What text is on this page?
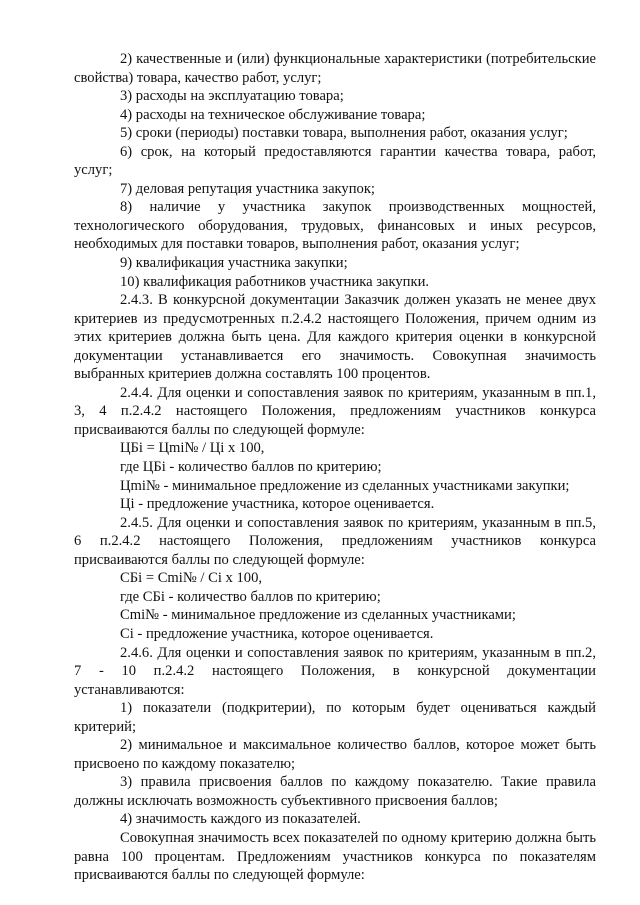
2) качественные и (или) функциональные характеристики (потребительские свойства) товара, качество работ, услуг;

3) расходы на эксплуатацию товара;

4) расходы на техническое обслуживание товара;

5) сроки (периоды) поставки товара, выполнения работ, оказания услуг;

6) срок, на который предоставляются гарантии качества товара, работ, услуг;

7) деловая репутация участника закупок;

8) наличие у участника закупок производственных мощностей, технологического оборудования, трудовых, финансовых и иных ресурсов, необходимых для поставки товаров, выполнения работ, оказания услуг;

9) квалификация участника закупки;

10) квалификация работников участника закупки.

2.4.3. В конкурсной документации Заказчик должен указать не менее двух критериев из предусмотренных п.2.4.2 настоящего Положения, причем одним из этих критериев должна быть цена. Для каждого критерия оценки в конкурсной документации устанавливается его значимость. Совокупная значимость выбранных критериев должна составлять 100 процентов.

2.4.4. Для оценки и сопоставления заявок по критериям, указанным в пп.1, 3, 4 п.2.4.2 настоящего Положения, предложениям участников конкурса присваиваются баллы по следующей формуле:

ЦБi = Цmi№ / Цi x 100,

где ЦБi - количество баллов по критерию;

Цmi№ - минимальное предложение из сделанных участниками закупки;

Цi - предложение участника, которое оценивается.

2.4.5. Для оценки и сопоставления заявок по критериям, указанным в пп.5, 6 п.2.4.2 настоящего Положения, предложениям участников конкурса присваиваются баллы по следующей формуле:

СБi = Сmi№ / Сi x 100,

где СБi - количество баллов по критерию;

Сmi№ - минимальное предложение из сделанных участниками;

Сi - предложение участника, которое оценивается.

2.4.6. Для оценки и сопоставления заявок по критериям, указанным в пп.2, 7 - 10 п.2.4.2 настоящего Положения, в конкурсной документации устанавливаются:

1) показатели (подкритерии), по которым будет оцениваться каждый критерий;

2) минимальное и максимальное количество баллов, которое может быть присвоено по каждому показателю;

3) правила присвоения баллов по каждому показателю. Такие правила должны исключать возможность субъективного присвоения баллов;

4) значимость каждого из показателей.

Совокупная значимость всех показателей по одному критерию должна быть равна 100 процентам. Предложениям участников конкурса по показателям присваиваются баллы по следующей формуле:
